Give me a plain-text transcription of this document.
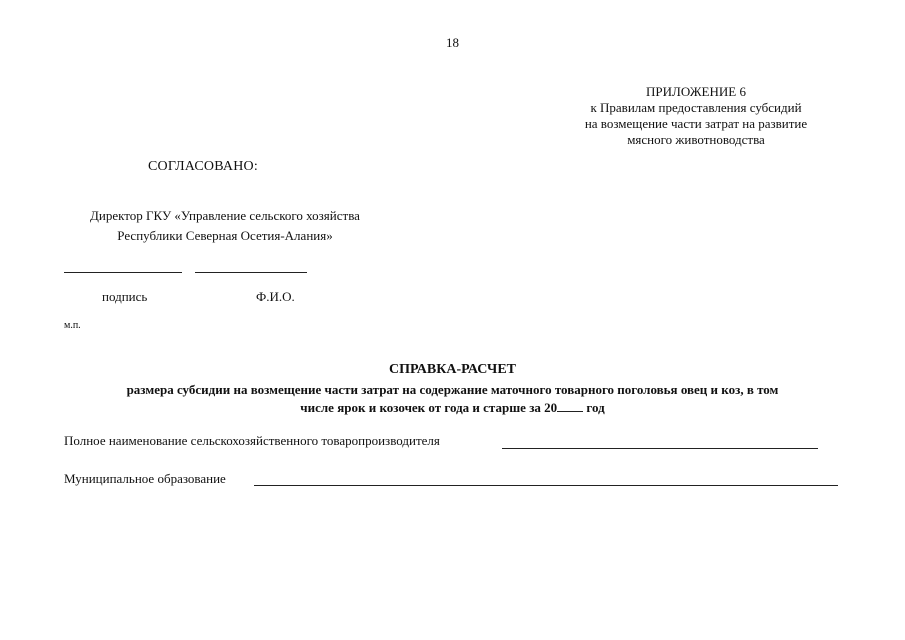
18
ПРИЛОЖЕНИЕ 6
к Правилам предоставления субсидий
на возмещение части затрат на развитие
мясного животноводства
СОГЛАСОВАНО:
Директор ГКУ «Управление сельского хозяйства
Республики Северная Осетия-Алания»
подпись	Ф.И.О.
м.п.
СПРАВКА-РАСЧЕТ
размера субсидии на возмещение части затрат на содержание маточного товарного поголовья овец и коз, в том
числе ярок и козочек от года и старше за 20 год
Полное наименование сельскохозяйственного товаропроизводителя
Муниципальное образование
